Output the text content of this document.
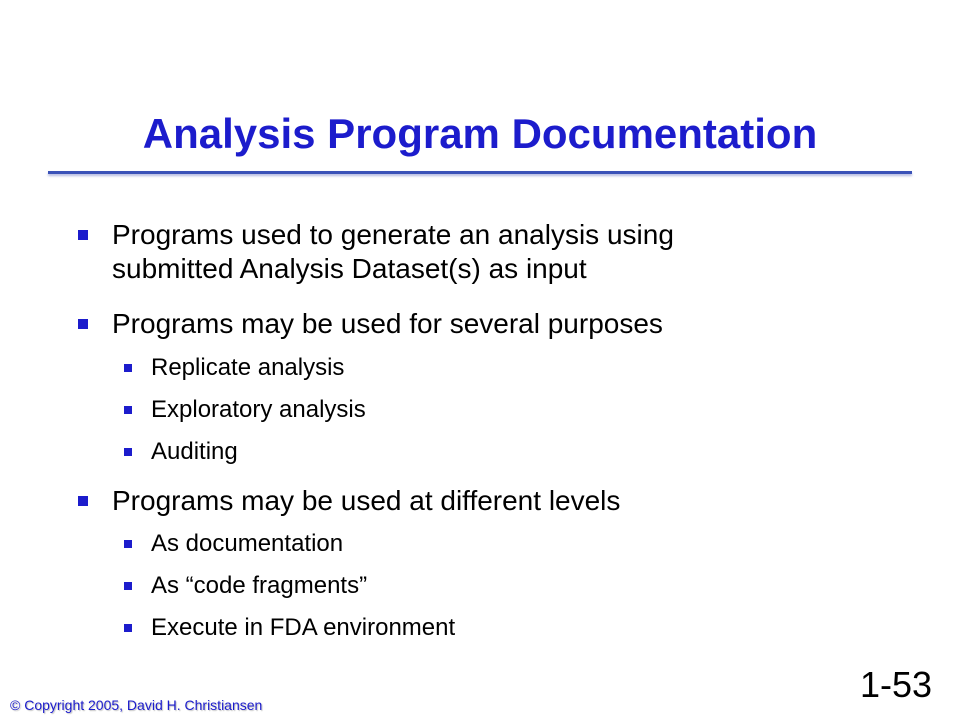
Analysis Program Documentation
Programs used to generate an analysis using
submitted Analysis Dataset(s) as input
Programs may be used for several purposes
Replicate analysis
Exploratory analysis
Auditing
Programs may be used at different levels
As documentation
As “code fragments”
Execute in FDA environment
© Copyright 2005, David H. Christiansen	1-53
